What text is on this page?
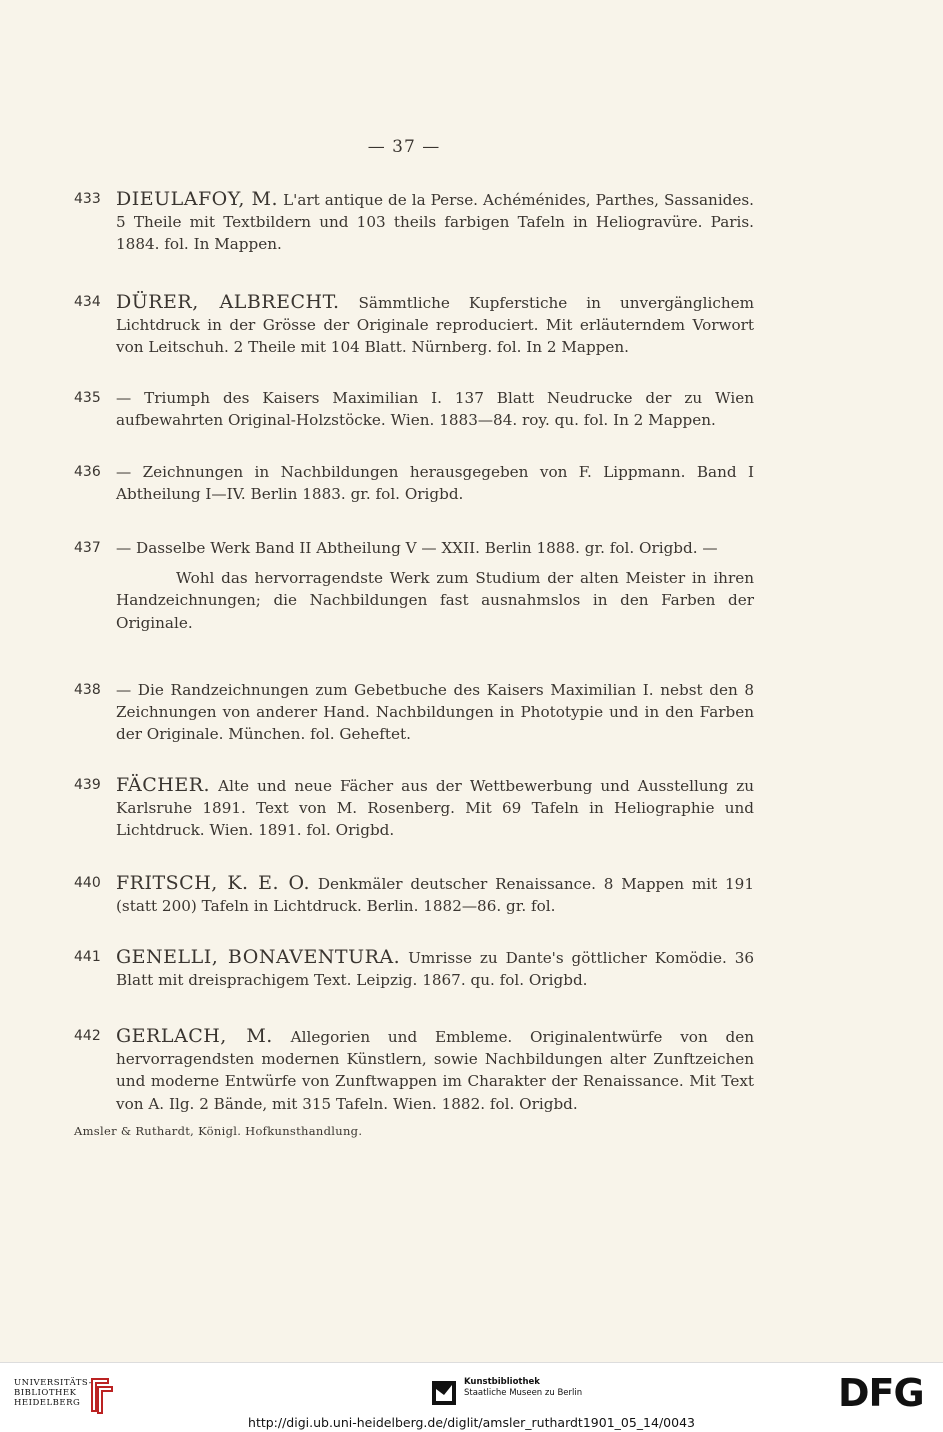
— 37 —
433 DIEULAFOY, M. L'art antique de la Perse. Achéménides, Parthes, Sassanides. 5 Theile mit Textbildern und 103 theils farbigen Tafeln in Heliogravüre. Paris. 1884. fol. In Mappen.
434 DÜRER, ALBRECHT. Sämmtliche Kupferstiche in unvergänglichem Lichtdruck in der Grösse der Originale reproduciert. Mit erläuterndem Vorwort von Leitschuh. 2 Theile mit 104 Blatt. Nürnberg. fol. In 2 Mappen.
435	— Triumph des Kaisers Maximilian I. 137 Blatt Neudrucke der zu Wien aufbewahrten Original-Holzstöcke. Wien. 1883—84. roy. qu. fol. In 2 Mappen.
436	— Zeichnungen in Nachbildungen herausgegeben von F. Lippmann. Band I Abtheilung I—IV. Berlin 1883. gr. fol. Origbd.
437	— Dasselbe Werk Band II Abtheilung V — XXII. Berlin 1888. gr. fol. Origbd. —
Wohl das hervorragendste Werk zum Studium der alten Meister in ihren Handzeichnungen; die Nachbildungen fast ausnahmslos in den Farben der Originale.
438	— Die Randzeichnungen zum Gebetbuche des Kaisers Maximilian I. nebst den 8 Zeichnungen von anderer Hand. Nachbildungen in Phototypie und in den Farben der Originale. München. fol. Geheftet.
439 FÄCHER. Alte und neue Fächer aus der Wettbewerbung und Ausstellung zu Karlsruhe 1891. Text von M. Rosenberg. Mit 69 Tafeln in Heliographie und Lichtdruck. Wien. 1891. fol. Origbd.
440 FRITSCH, K. E. O. Denkmäler deutscher Renaissance. 8 Mappen mit 191 (statt 200) Tafeln in Lichtdruck. Berlin. 1882—86. gr. fol.
441 GENELLI, BONAVENTURA. Umrisse zu Dante's göttlicher Komödie. 36 Blatt mit dreisprachigem Text. Leipzig. 1867. qu. fol. Origbd.
442 GERLACH, M. Allegorien und Embleme. Originalentwürfe von den hervorragendsten modernen Künstlern, sowie Nachbildungen alter Zunftzeichen und moderne Entwürfe von Zunftwappen im Charakter der Renaissance. Mit Text von A. Ilg. 2 Bände, mit 315 Tafeln. Wien. 1882. fol. Origbd.
Amsler & Ruthardt, Königl. Hofkunsthandlung.
UNIVERSITÄTS-
BIBLIOTHEK
HEIDELBERG
Kunstbibliothek
Staatliche Museen zu Berlin	DFG
http://digi.ub.uni-heidelberg.de/diglit/amsler_ruthardt1901_05_14/0043
